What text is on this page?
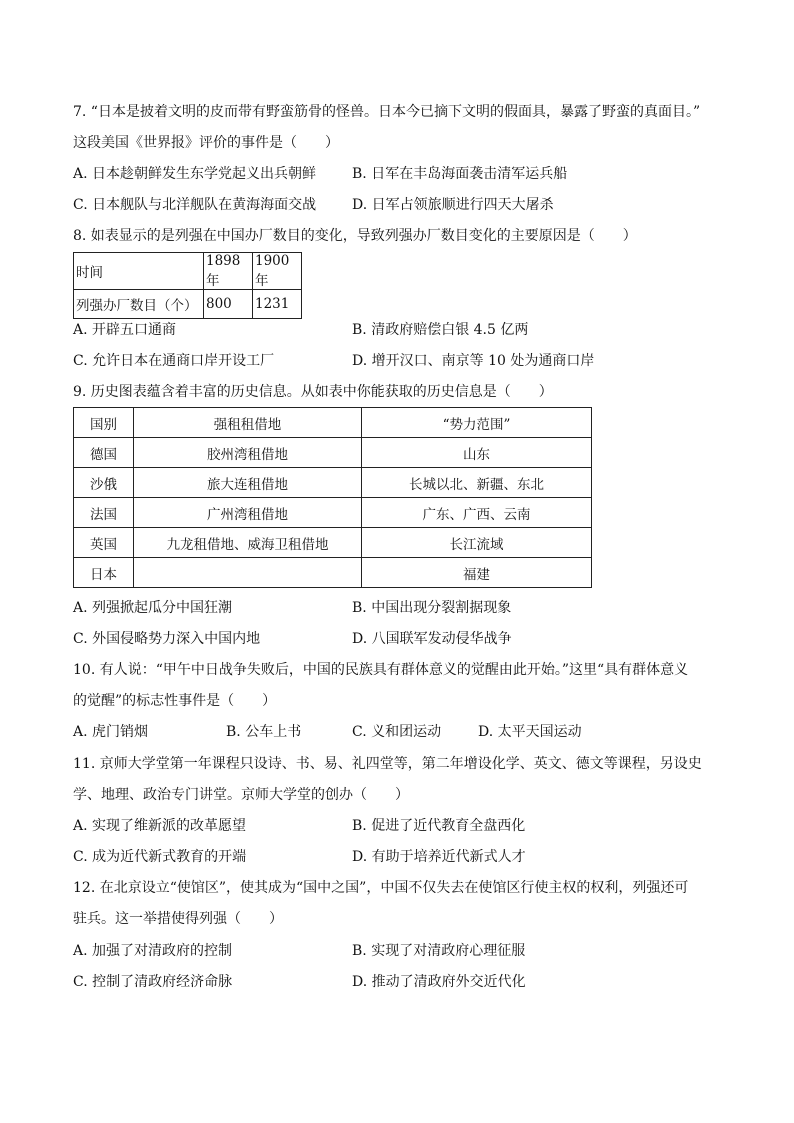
7. “日本是披着文明的皮而带有野蛮筋骨的怪兽。日本今已摘下文明的假面具，暴露了野蛮的真面目。”
这段美国《世界报》评价的事件是（　　）
A. 日本趁朝鲜发生东学党起义出兵朝鲜	B. 日军在丰岛海面袭击清军运兵船
C. 日本舰队与北洋舰队在黄海海面交战	D. 日军占领旅顺进行四天大屠杀
8. 如表显示的是列强在中国办厂数目的变化，导致列强办厂数目变化的主要原因是（　　）
时间	1898年	1900年
列强办厂数目（个）	800	1231
A. 开辟五口通商	B. 清政府赔偿白银 4.5 亿两
C. 允许日本在通商口岸开设工厂	D. 增开汉口、南京等 10 处为通商口岸
9. 历史图表蕴含着丰富的历史信息。从如表中你能获取的历史信息是（　　）
国别	强租租借地	“势力范围”
德国	胶州湾租借地	山东
沙俄	旅大连租借地	长城以北、新疆、东北
法国	广州湾租借地	广东、广西、云南
英国	九龙租借地、威海卫租借地	长江流域
日本		福建
A. 列强掀起瓜分中国狂潮	B. 中国出现分裂割据现象
C. 外国侵略势力深入中国内地	D. 八国联军发动侵华战争
10. 有人说：“甲午中日战争失败后，中国的民族具有群体意义的觉醒由此开始。”这里“具有群体意义
的觉醒”的标志性事件是（　　）
A. 虎门销烟	B. 公车上书	C. 义和团运动	D. 太平天国运动
11. 京师大学堂第一年课程只设诗、书、易、礼四堂等，第二年增设化学、英文、德文等课程，另设史
学、地理、政治专门讲堂。京师大学堂的创办（　　）
A. 实现了维新派的改革愿望	B. 促进了近代教育全盘西化
C. 成为近代新式教育的开端	D. 有助于培养近代新式人才
12. 在北京设立“使馆区”，使其成为“国中之国”，中国不仅失去在使馆区行使主权的权利，列强还可
驻兵。这一举措使得列强（　　）
A. 加强了对清政府的控制	B. 实现了对清政府心理征服
C. 控制了清政府经济命脉	D. 推动了清政府外交近代化
